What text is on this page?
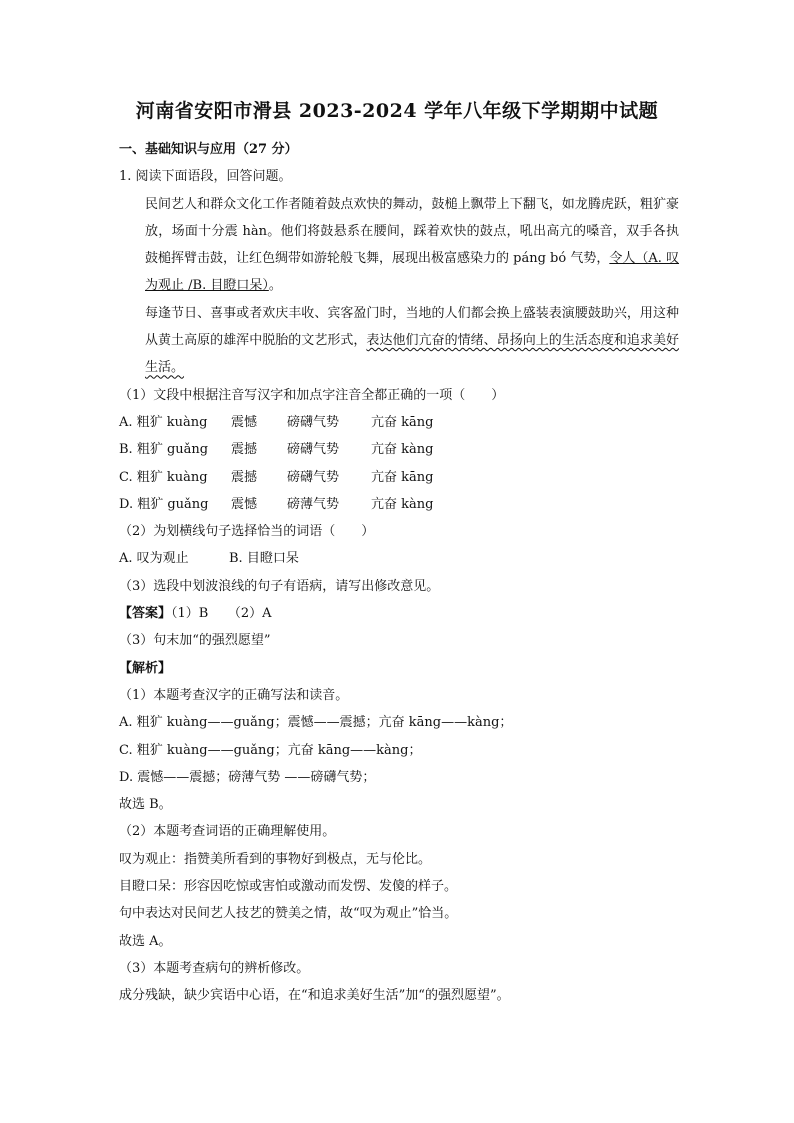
河南省安阳市滑县 2023-2024 学年八年级下学期期中试题

一、基础知识与应用（27 分）

1. 阅读下面语段，回答问题。

民间艺人和群众文化工作者随着鼓点欢快的舞动，鼓槌上飘带上下翻飞，如龙腾虎跃，粗犷豪放，场面十分震 hàn。他们将鼓悬系在腰间，踩着欢快的鼓点，吼出高亢的嗓音，双手各执鼓槌挥臂击鼓，让红色绸带如游轮般飞舞，展现出极富感染力的 páng bó 气势，令人（A. 叹为观止 /B. 目瞪口呆）。

每逢节日、喜事或者欢庆丰收、宾客盈门时，当地的人们都会换上盛装表演腰鼓助兴，用这种从黄土高原的雄浑中脱胎的文艺形式，表达他们亢奋的情绪、昂扬向上的生活态度和追求美好生活。

（1）文段中根据注音写汉字和加点字注音全都正确的一项（　　）

A. 粗犷 kuàng	震憾	磅礴气势	亢奋 kāng
B. 粗犷 guǎng	震撼	磅礴气势	亢奋 kàng
C. 粗犷 kuàng	震撼	磅礴气势	亢奋 kāng
D. 粗犷 guǎng	震憾	磅薄气势	亢奋 kàng

（2）为划横线句子选择恰当的词语（　　）

A. 叹为观止	B. 目瞪口呆

（3）选段中划波浪线的句子有语病，请写出修改意见。

【答案】（1）B　　（2）A

（3）句末加“的强烈愿望”

【解析】

（1）本题考查汉字的正确写法和读音。

A. 粗犷 kuàng——guǎng；震憾——震撼；亢奋 kāng——kàng；

C. 粗犷 kuàng——guǎng；亢奋 kāng——kàng；

D. 震憾——震撼；磅薄气势 ——磅礴气势；

故选 B。

（2）本题考查词语的正确理解使用。

叹为观止：指赞美所看到的事物好到极点，无与伦比。

目瞪口呆：形容因吃惊或害怕或激动而发愣、发傻的样子。

句中表达对民间艺人技艺的赞美之情，故“叹为观止”恰当。

故选 A。

（3）本题考查病句的辨析修改。

成分残缺，缺少宾语中心语，在“和追求美好生活”加“的强烈愿望”。
